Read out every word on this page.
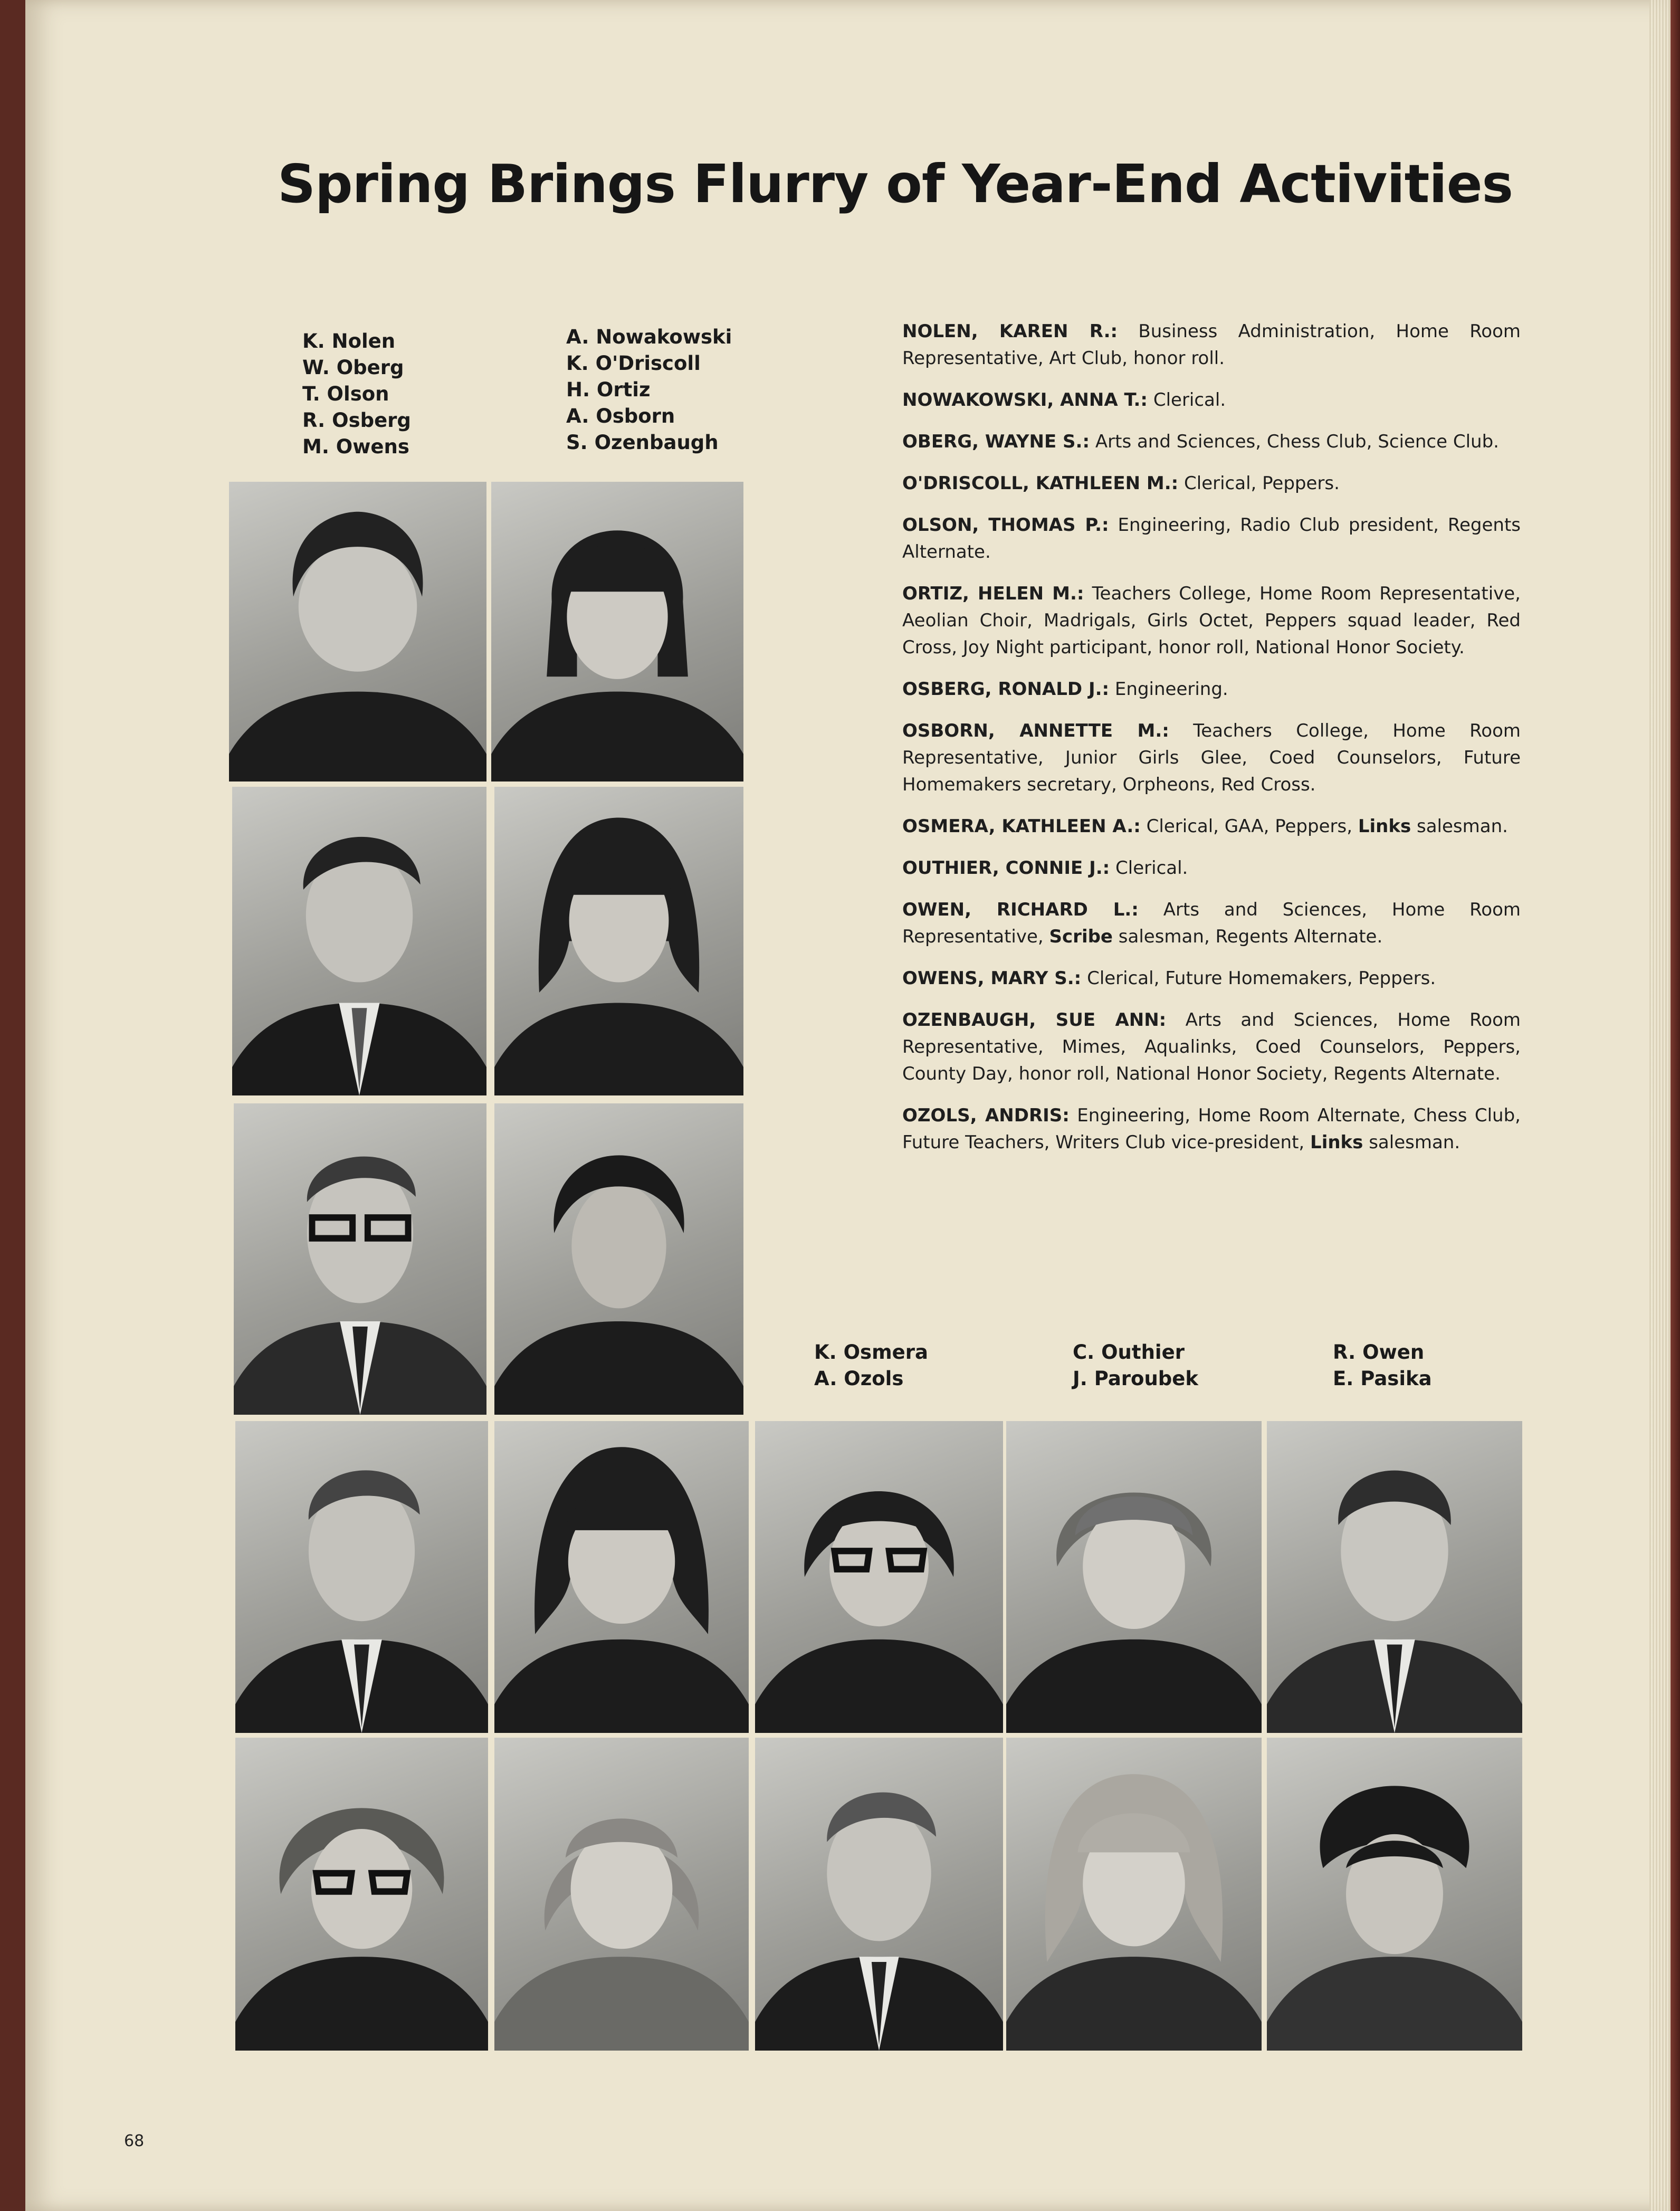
Spring Brings Flurry of Year-End Activities
K. Nolen
W. Oberg
T. Olson
R. Osberg
M. Owens
A. Nowakowski
K. O'Driscoll
H. Ortiz
A. Osborn
S. Ozenbaugh
NOLEN, KAREN R.: Business Administration, Home Room Representative, Art Club, honor roll.
NOWAKOWSKI, ANNA T.: Clerical.
OBERG, WAYNE S.: Arts and Sciences, Chess Club, Science Club.
O'DRISCOLL, KATHLEEN M.: Clerical, Peppers.
OLSON, THOMAS P.: Engineering, Radio Club president, Regents Alternate.
ORTIZ, HELEN M.: Teachers College, Home Room Representative, Aeolian Choir, Madrigals, Girls Octet, Peppers squad leader, Red Cross, Joy Night participant, honor roll, National Honor Society.
OSBERG, RONALD J.: Engineering.
OSBORN, ANNETTE M.: Teachers College, Home Room Representative, Junior Girls Glee, Coed Counselors, Future Homemakers secretary, Orpheons, Red Cross.
OSMERA, KATHLEEN A.: Clerical, GAA, Peppers, Links salesman.
OUTHIER, CONNIE J.: Clerical.
OWEN, RICHARD L.: Arts and Sciences, Home Room Representative, Scribe salesman, Regents Alternate.
OWENS, MARY S.: Clerical, Future Homemakers, Peppers.
OZENBAUGH, SUE ANN: Arts and Sciences, Home Room Representative, Mimes, Aqualinks, Coed Counselors, Peppers, County Day, honor roll, National Honor Society, Regents Alternate.
OZOLS, ANDRIS: Engineering, Home Room Alternate, Chess Club, Future Teachers, Writers Club vice-president, Links salesman.
K. Osmera
A. Ozols
C. Outhier
J. Paroubek
R. Owen
E. Pasika
68
